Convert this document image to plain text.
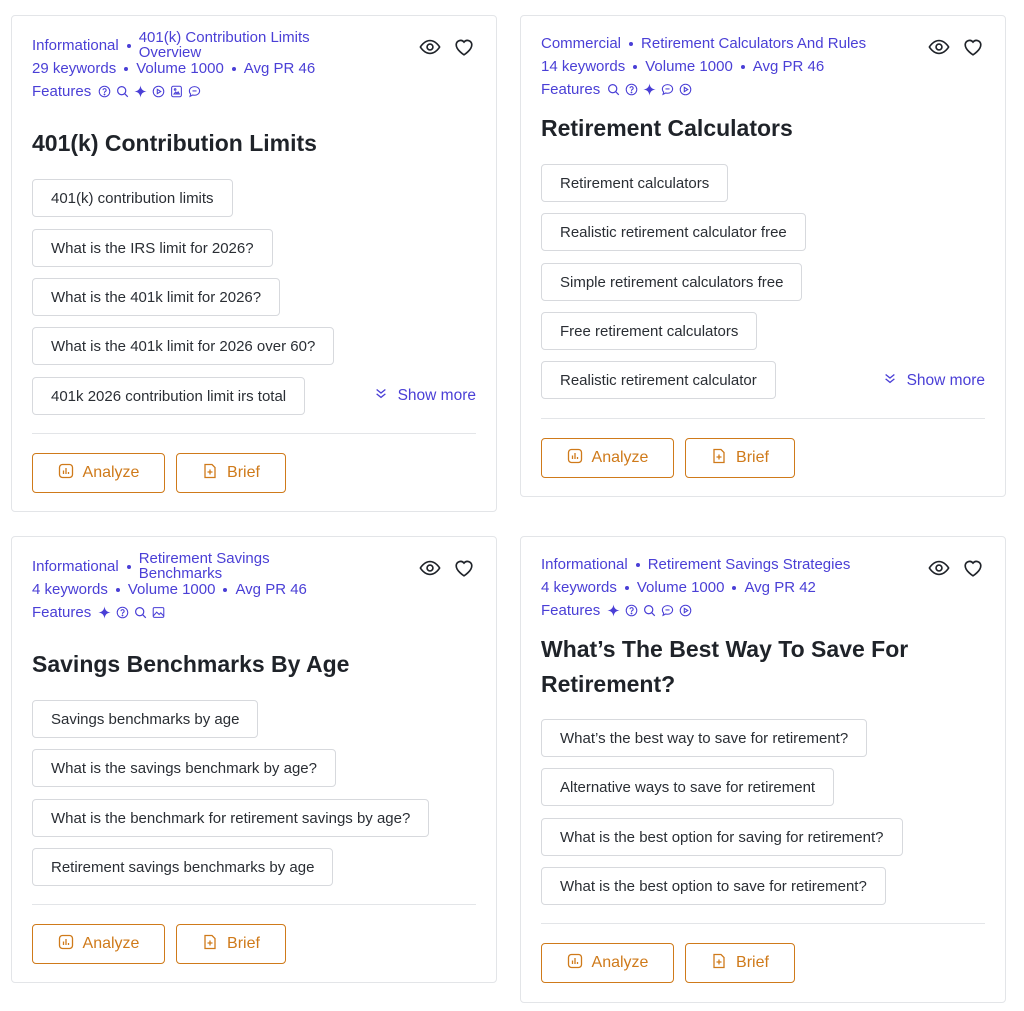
Informational 401(k) Contribution Limits Overview
29 keywords Volume 1000 Avg PR 46
Features
401(k) Contribution Limits
401(k) contribution limits
What is the IRS limit for 2026?
What is the 401k limit for 2026?
What is the 401k limit for 2026 over 60?
401k 2026 contribution limit irs total	Show more
Analyze	Brief
Commercial Retirement Calculators And Rules
14 keywords Volume 1000 Avg PR 46
Features
Retirement Calculators
Retirement calculators
Realistic retirement calculator free
Simple retirement calculators free
Free retirement calculators
Realistic retirement calculator	Show more
Analyze	Brief
Informational Retirement Savings Benchmarks
4 keywords Volume 1000 Avg PR 46
Features
Savings Benchmarks By Age
Savings benchmarks by age
What is the savings benchmark by age?
What is the benchmark for retirement savings by age?
Retirement savings benchmarks by age
Analyze	Brief
Informational Retirement Savings Strategies
4 keywords Volume 1000 Avg PR 42
Features
What’s The Best Way To Save For Retirement?
What’s the best way to save for retirement?
Alternative ways to save for retirement
What is the best option for saving for retirement?
What is the best option to save for retirement?
Analyze	Brief
